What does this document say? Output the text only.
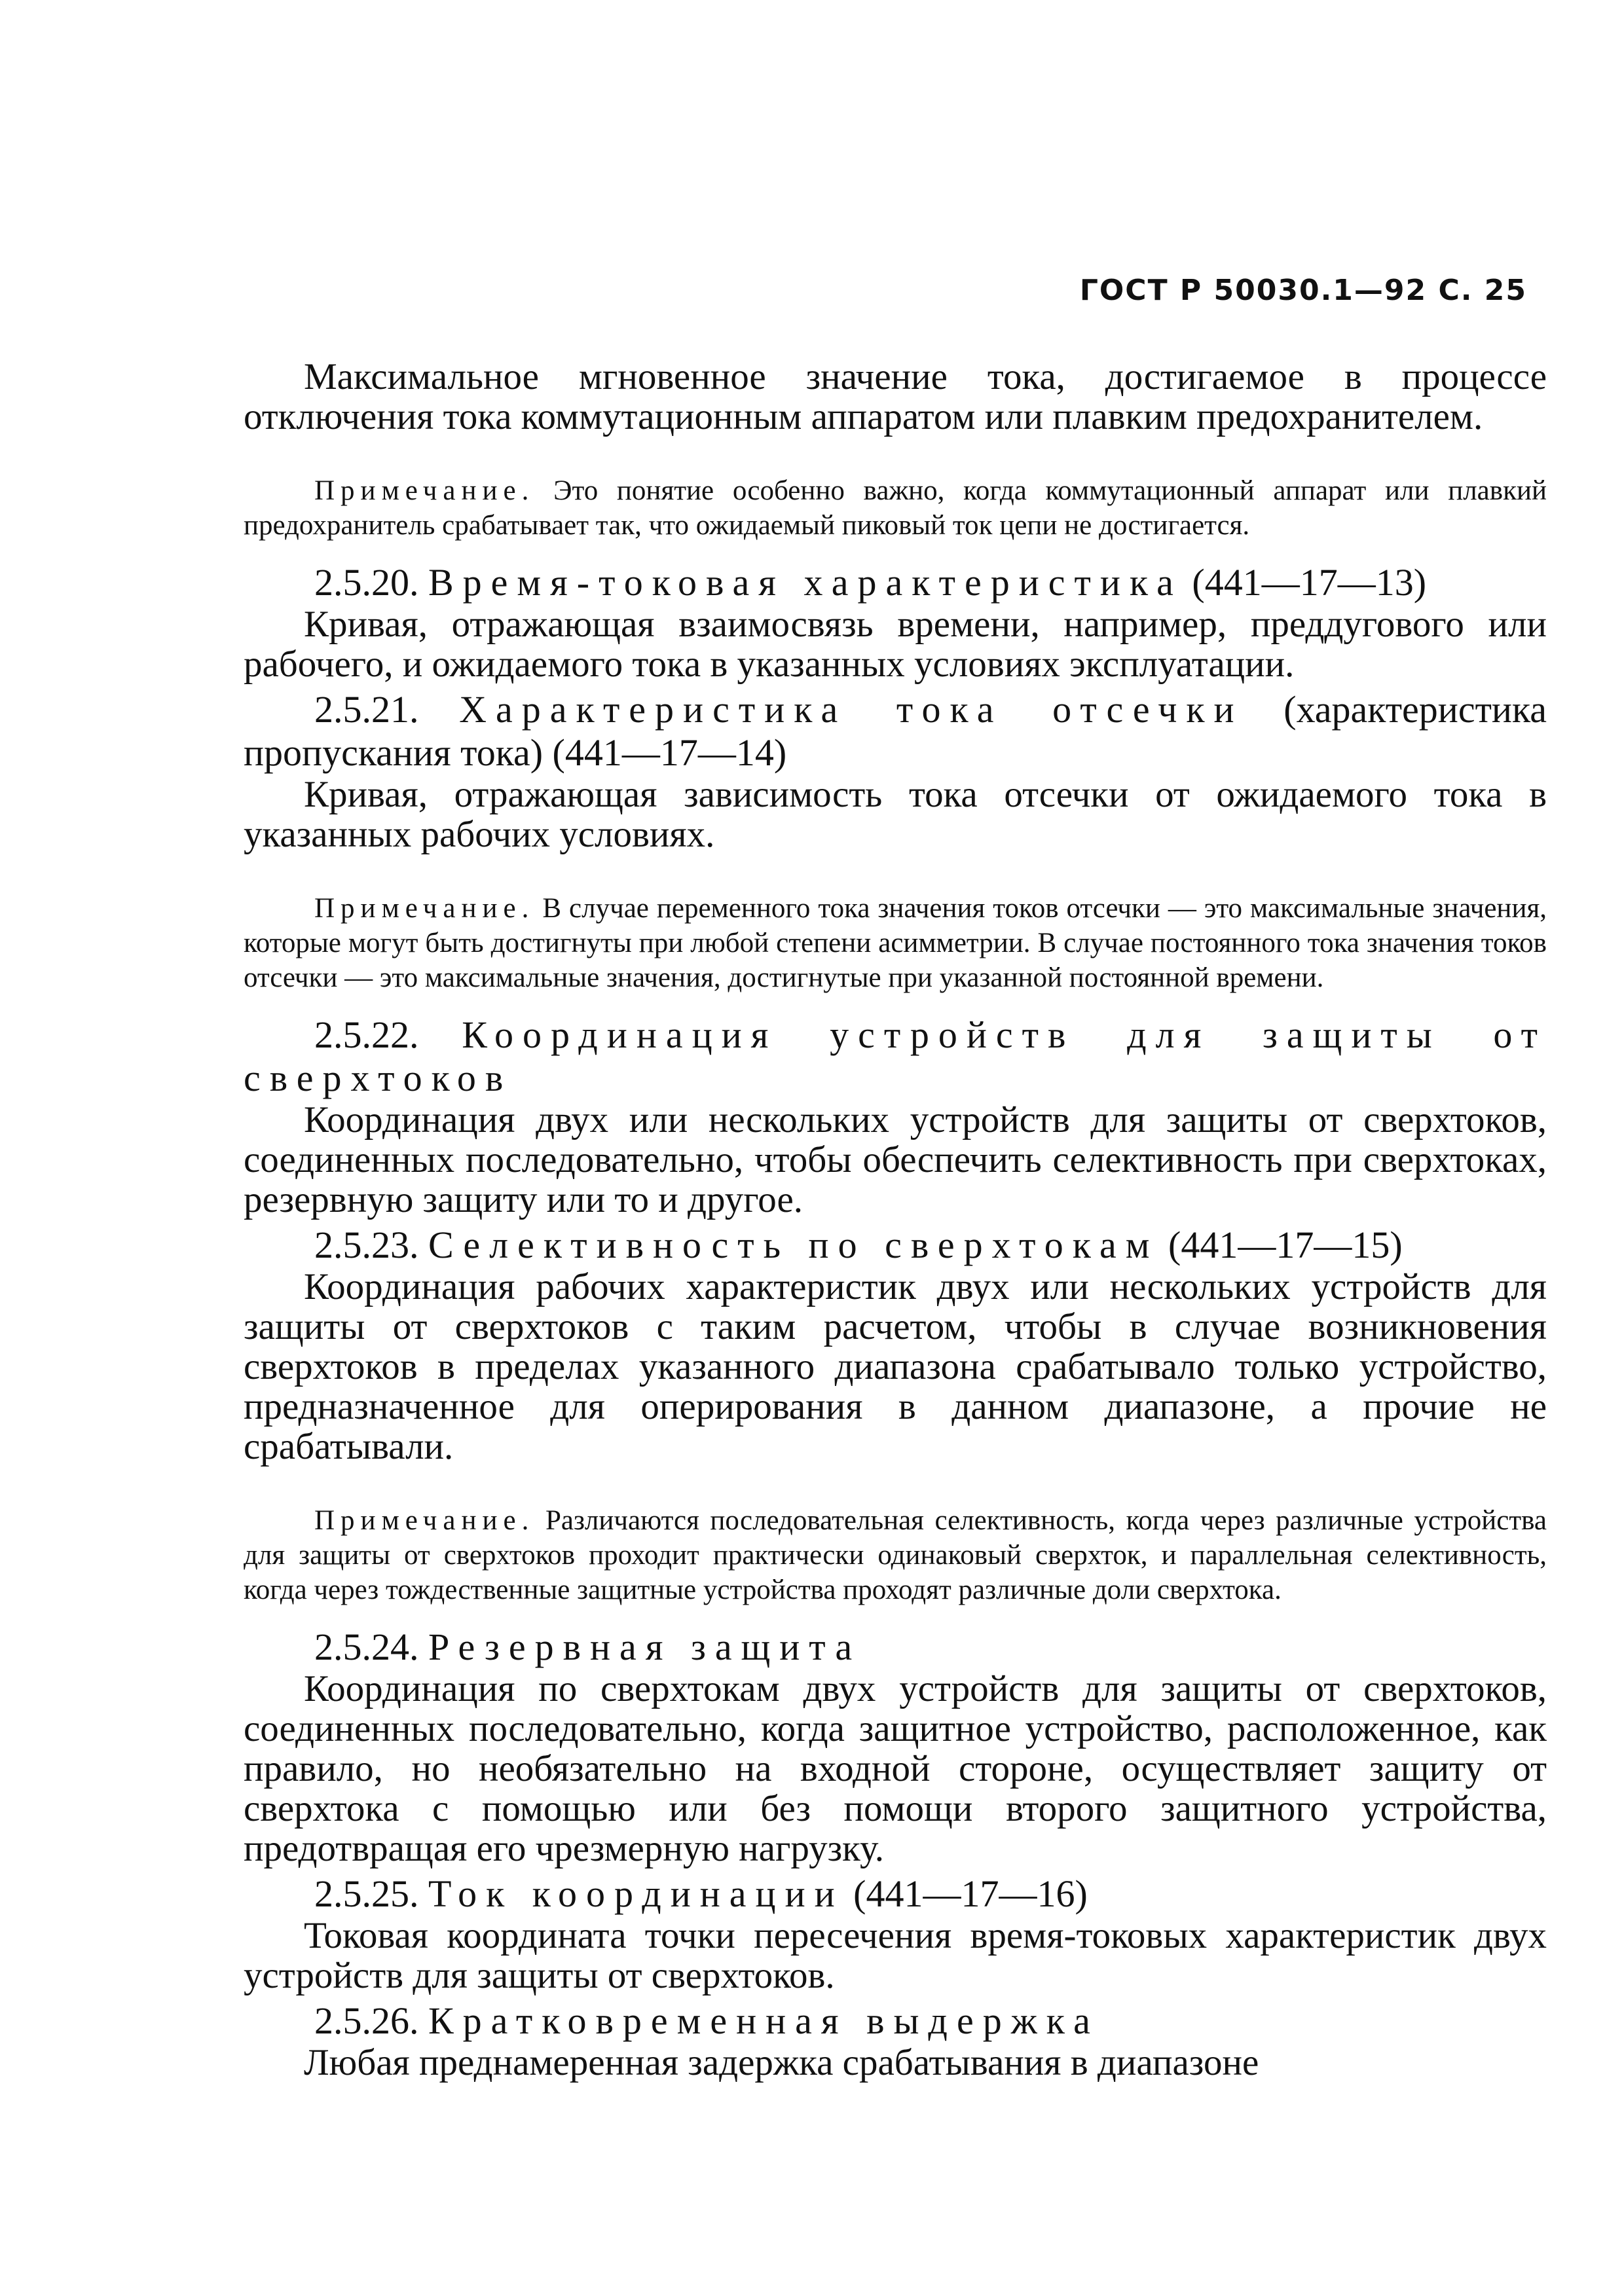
ГОСТ Р 50030.1—92 С. 25

Максимальное мгновенное значение тока, достигаемое в процессе отключения тока коммутационным аппаратом или плавким предохранителем.

Примечание. Это понятие особенно важно, когда коммутационный аппарат или плавкий предохранитель срабатывает так, что ожидаемый пиковый ток цепи не достигается.

2.5.20. Время-токовая характеристика (441—17—13)

Кривая, отражающая взаимосвязь времени, например, преддугового или рабочего, и ожидаемого тока в указанных условиях эксплуатации.

2.5.21. Характеристика тока отсечки (характеристика пропускания тока) (441—17—14)

Кривая, отражающая зависимость тока отсечки от ожидаемого тока в указанных рабочих условиях.

Примечание. В случае переменного тока значения токов отсечки — это максимальные значения, которые могут быть достигнуты при любой степени асимметрии. В случае постоянного тока значения токов отсечки — это максимальные значения, достигнутые при указанной постоянной времени.

2.5.22. Координация устройств для защиты от сверхтоков

Координация двух или нескольких устройств для защиты от сверхтоков, соединенных последовательно, чтобы обеспечить селективность при сверхтоках, резервную защиту или то и другое.

2.5.23. Селективность по сверхтокам (441—17—15)

Координация рабочих характеристик двух или нескольких устройств для защиты от сверхтоков с таким расчетом, чтобы в случае возникновения сверхтоков в пределах указанного диапазона срабатывало только устройство, предназначенное для оперирования в данном диапазоне, а прочие не срабатывали.

Примечание. Различаются последовательная селективность, когда через различные устройства для защиты от сверхтоков проходит практически одинаковый сверхток, и параллельная селективность, когда через тождественные защитные устройства проходят различные доли сверхтока.

2.5.24. Резервная защита

Координация по сверхтокам двух устройств для защиты от сверхтоков, соединенных последовательно, когда защитное устройство, расположенное, как правило, но необязательно на входной стороне, осуществляет защиту от сверхтока с помощью или без помощи второго защитного устройства, предотвращая его чрезмерную нагрузку.

2.5.25. Ток координации (441—17—16)

Токовая координата точки пересечения время-токовых характеристик двух устройств для защиты от сверхтоков.

2.5.26. Кратковременная выдержка

Любая преднамеренная задержка срабатывания в диапазоне
